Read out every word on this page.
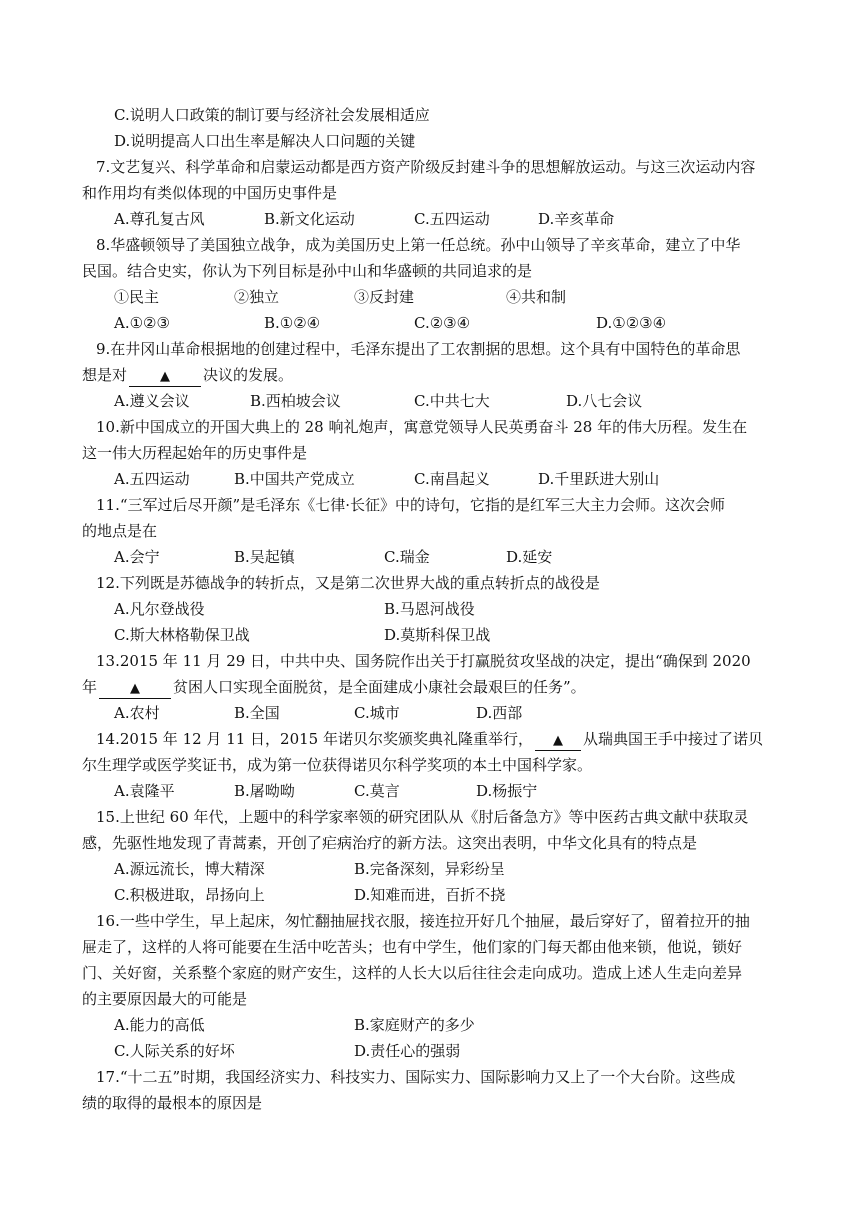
C.说明人口政策的制订要与经济社会发展相适应
D.说明提高人口出生率是解决人口问题的关键
7.文艺复兴、科学革命和启蒙运动都是西方资产阶级反封建斗争的思想解放运动。与这三次运动内容
和作用均有类似体现的中国历史事件是
A.尊孔复古风	B.新文化运动	C.五四运动	D.辛亥革命
8.华盛顿领导了美国独立战争，成为美国历史上第一任总统。孙中山领导了辛亥革命，建立了中华
民国。结合史实，你认为下列目标是孙中山和华盛顿的共同追求的是
①民主	②独立	③反封建	④共和制
A.①②③	B.①②④	C.②③④	D.①②③④
9.在井冈山革命根据地的创建过程中，毛泽东提出了工农割据的思想。这个具有中国特色的革命思
想是对	▲ 决议的发展。
A.遵义会议	B.西柏坡会议	C.中共七大	D.八七会议
10.新中国成立的开国大典上的 28 响礼炮声，寓意党领导人民英勇奋斗 28 年的伟大历程。发生在
这一伟大历程起始年的历史事件是
A.五四运动	B.中国共产党成立	C.南昌起义	D.千里跃进大别山
11.“三军过后尽开颜”是毛泽东《七律·长征》中的诗句，它指的是红军三大主力会师。这次会师
的地点是在
A.会宁	B.吴起镇	C.瑞金	D.延安
12.下列既是苏德战争的转折点，又是第二次世界大战的重点转折点的战役是
A.凡尔登战役	B.马恩河战役
C.斯大林格勒保卫战	D.莫斯科保卫战
13.2015 年 11 月 29 日，中共中央、国务院作出关于打赢脱贫攻坚战的决定，提出“确保到 2020
年	▲ 贫困人口实现全面脱贫，是全面建成小康社会最艰巨的任务”。
A.农村	B.全国	C.城市	D.西部
14.2015 年 12 月 11 日，2015 年诺贝尔奖颁奖典礼隆重举行， ▲ 从瑞典国王手中接过了诺贝
尔生理学或医学奖证书，成为第一位获得诺贝尔科学奖项的本土中国科学家。
A.袁隆平	B.屠呦呦	C.莫言	D.杨振宁
15.上世纪 60 年代，上题中的科学家率领的研究团队从《肘后备急方》等中医药古典文献中获取灵
感，先驱性地发现了青蒿素，开创了疟病治疗的新方法。这突出表明，中华文化具有的特点是
A.源远流长，博大精深	B.完备深刻，异彩纷呈
C.积极进取，昂扬向上	D.知难而进，百折不挠
16.一些中学生，早上起床，匆忙翻抽屉找衣服，接连拉开好几个抽屉，最后穿好了，留着拉开的抽
屉走了，这样的人将可能要在生活中吃苦头；也有中学生，他们家的门每天都由他来锁，他说，锁好
门、关好窗，关系整个家庭的财产安生，这样的人长大以后往往会走向成功。造成上述人生走向差异
的主要原因最大的可能是
A.能力的高低	B.家庭财产的多少
C.人际关系的好坏	D.责任心的强弱
17.“十二五”时期，我国经济实力、科技实力、国际实力、国际影响力又上了一个大台阶。这些成
绩的取得的最根本的原因是
